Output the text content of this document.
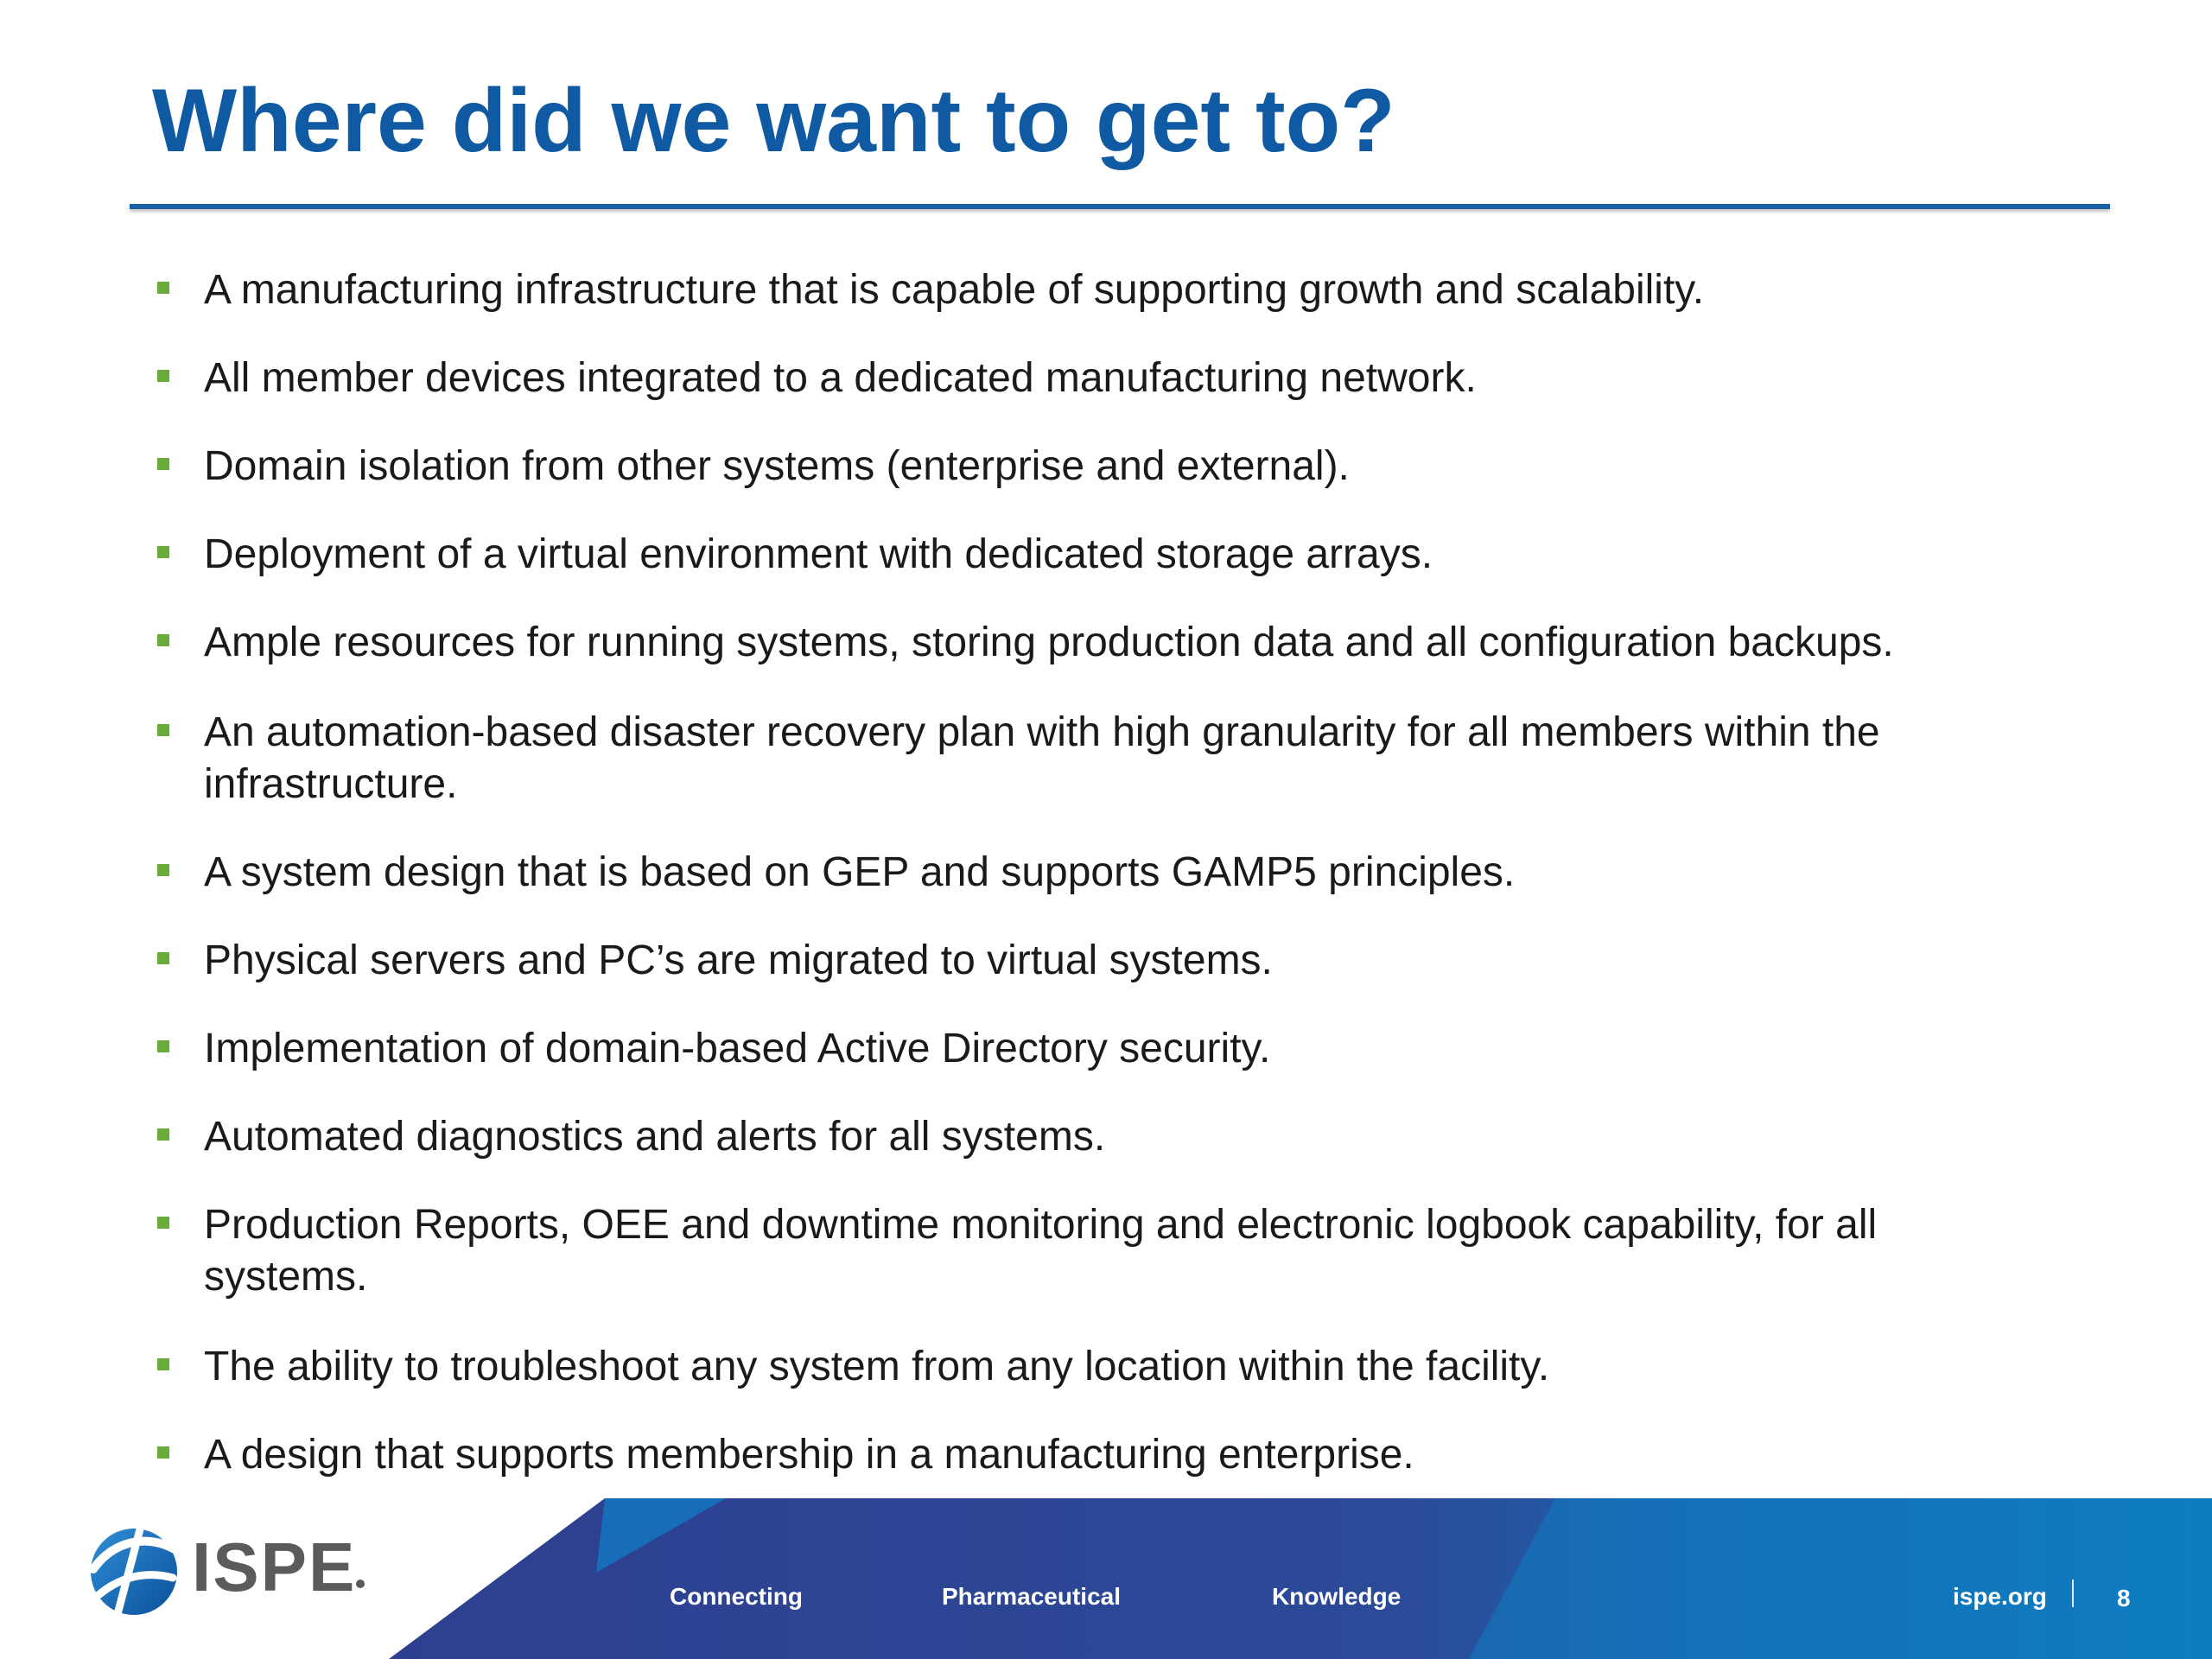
Where did we want to get to?
A manufacturing infrastructure that is capable of supporting growth and scalability.
All member devices integrated to a dedicated manufacturing network.
Domain isolation from other systems (enterprise and external).
Deployment of a virtual environment with dedicated storage arrays.
Ample resources for running systems, storing production data and all configuration backups.
An automation-based disaster recovery plan with high granularity for all members within the infrastructure.
A system design that is based on GEP and supports GAMP5 principles.
Physical servers and PC’s are migrated to virtual systems.
Implementation of domain-based Active Directory security.
Automated diagnostics and alerts for all systems.
Production Reports, OEE and downtime monitoring and electronic logbook capability, for all systems.
The ability to troubleshoot any system from any location within the facility.
A design that supports membership in a manufacturing enterprise.
ISPE	Connecting	Pharmaceutical	Knowledge	ispe.org	8
